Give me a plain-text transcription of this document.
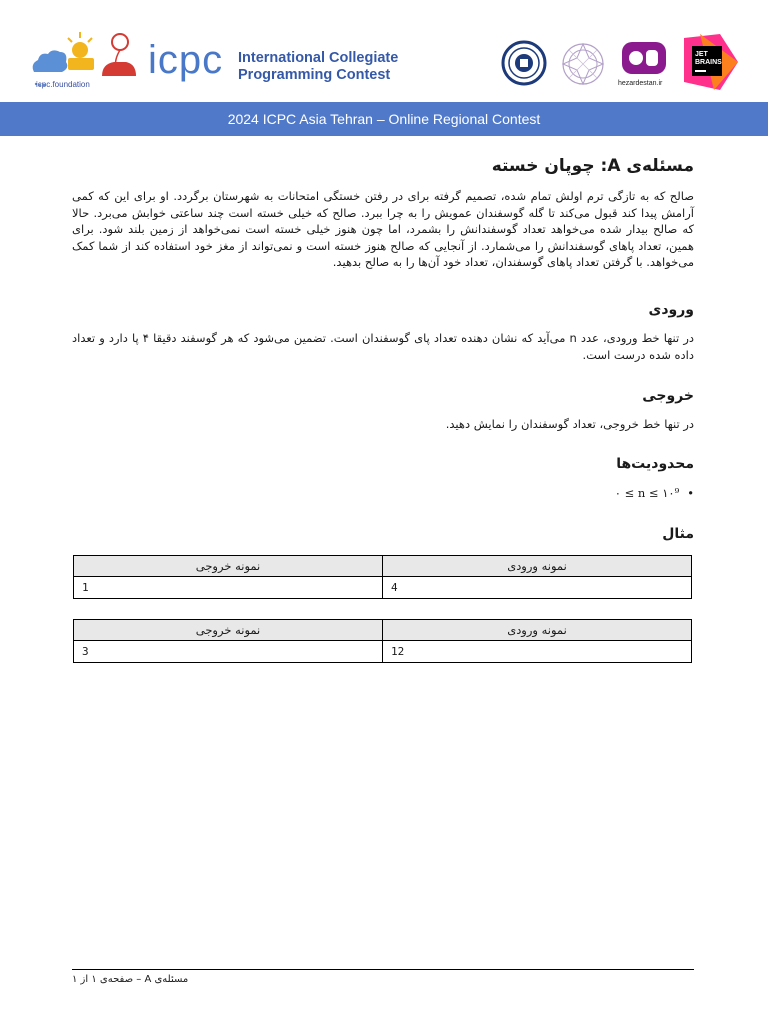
icpc.foundation
icpc International Collegiate
Programming Contest
hezardestan.ir
JET
BRAINS
2024 ICPC Asia Tehran – Online Regional Contest
مسئله‌ی A: چوپان خسته
صالح که به تازگی ترم اولش تمام شده، تصمیم گرفته برای در رفتن خستگی امتحانات به شهرستان برگردد. او برای این که کمی آرامش پیدا کند قبول می‌کند تا گله گوسفندان عمویش را به چرا ببرد. صالح که خیلی خسته است چند ساعتی خوابش می‌برد. حالا که صالح بیدار شده می‌خواهد تعداد گوسفندانش را بشمرد، اما چون هنوز خیلی خسته است نمی‌خواهد از زمین بلند شود. برای همین، تعداد پاهای گوسفندانش را می‌شمارد. از آنجایی که صالح هنوز خسته است و نمی‌تواند از مغز خود استفاده کند از شما کمک می‌خواهد. با گرفتن تعداد پاهای گوسفندان، تعداد خود آن‌ها را به صالح بدهید.
ورودی
در تنها خط ورودی، عدد n می‌آید که نشان دهنده تعداد پای گوسفندان است. تضمین می‌شود که هر گوسفند دقیقا ۴ پا دارد و تعداد داده شده درست است.
خروجی
در تنها خط خروجی، تعداد گوسفندان را نمایش دهید.
محدودیت‌ها
•۰ ≤ n ≤ ۱۰⁹
مثال
نمونه ورودی	نمونه خروجی
4	1
نمونه ورودی	نمونه خروجی
12	3
مسئله‌ی A – صفحه‌ی ۱ از ۱
